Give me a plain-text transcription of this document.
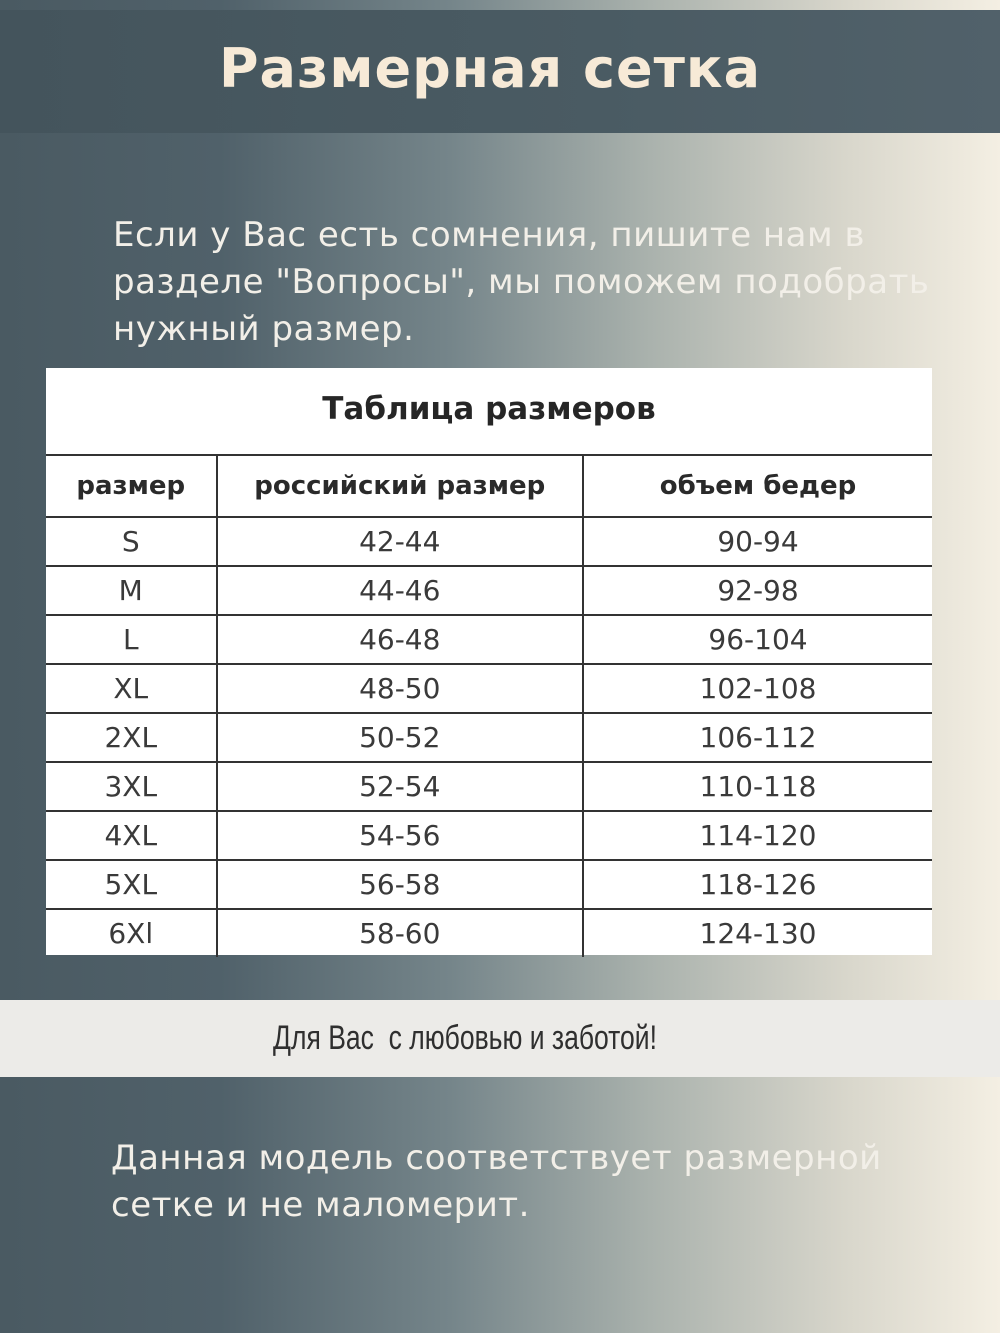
Размерная сетка

Если у Вас есть сомнения, пишите нам в разделе "Вопросы", мы поможем подобрать нужный размер.

Таблица размеров
размер	российский размер	объем бедер
S	42-44	90-94
M	44-46	92-98
L	46-48	96-104
XL	48-50	102-108
2XL	50-52	106-112
3XL	52-54	110-118
4XL	54-56	114-120
5XL	56-58	118-126
6Xl	58-60	124-130
Для Вас  с любовью и заботой!

Данная модель соответствует размерной сетке и не маломерит.
